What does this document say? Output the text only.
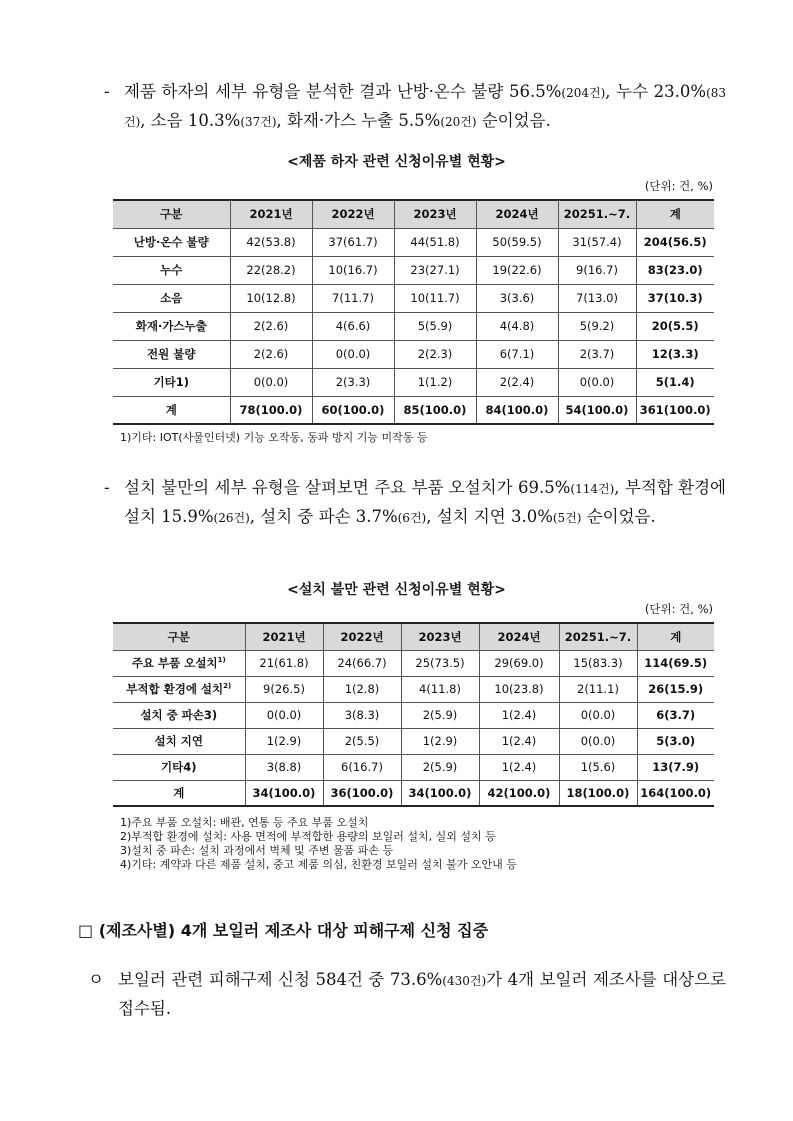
- 제품 하자의 세부 유형을 분석한 결과 난방·온수 불량 56.5%(204건), 누수 23.0%(83건), 소음 10.3%(37건), 화재·가스 누출 5.5%(20건) 순이었음.
<제품 하자 관련 신청이유별 현황>
(단위: 건, %)
구분	2021년	2022년	2023년	2024년	20251.~7.	계
난방·온수 불량	42(53.8)	37(61.7)	44(51.8)	50(59.5)	31(57.4)	204(56.5)
누수	22(28.2)	10(16.7)	23(27.1)	19(22.6)	9(16.7)	83(23.0)
소음	10(12.8)	7(11.7)	10(11.7)	3(3.6)	7(13.0)	37(10.3)
화재·가스누출	2(2.6)	4(6.6)	5(5.9)	4(4.8)	5(9.2)	20(5.5)
전원 불량	2(2.6)	0(0.0)	2(2.3)	6(7.1)	2(3.7)	12(3.3)
기타1)	0(0.0)	2(3.3)	1(1.2)	2(2.4)	0(0.0)	5(1.4)
계	78(100.0)	60(100.0)	85(100.0)	84(100.0)	54(100.0)	361(100.0)
1)기타: IOT(사물인터넷) 기능 오작동, 동파 방지 기능 미작동 등
- 설치 불만의 세부 유형을 살펴보면 주요 부품 오설치가 69.5%(114건), 부적합 환경에 설치 15.9%(26건), 설치 중 파손 3.7%(6건), 설치 지연 3.0%(5건) 순이었음.
<설치 불만 관련 신청이유별 현황>
(단위: 건, %)
구분	2021년	2022년	2023년	2024년	20251.~7.	계
주요 부품 오설치$^{1)}$	21(61.8)	24(66.7)	25(73.5)	29(69.0)	15(83.3)	114(69.5)
부적합 환경에 설치$^{2)}$	9(26.5)	1(2.8)	4(11.8)	10(23.8)	2(11.1)	26(15.9)
설치 중 파손3)	0(0.0)	3(8.3)	2(5.9)	1(2.4)	0(0.0)	6(3.7)
설치 지연	1(2.9)	2(5.5)	1(2.9)	1(2.4)	0(0.0)	5(3.0)
기타4)	3(8.8)	6(16.7)	2(5.9)	1(2.4)	1(5.6)	13(7.9)
계	34(100.0)	36(100.0)	34(100.0)	42(100.0)	18(100.0)	164(100.0)
1)주요 부품 오설치: 배관, 연통 등 주요 부품 오설치
2)부적합 환경에 설치: 사용 면적에 부적합한 용량의 보일러 설치, 실외 설치 등
3)설치 중 파손: 설치 과정에서 벽체 및 주변 물품 파손 등
4)기타: 계약과 다른 제품 설치, 중고 제품 의심, 친환경 보일러 설치 불가 오안내 등
□ (제조사별) 4개 보일러 제조사 대상 피해구제 신청 집중
ㅇ 보일러 관련 피해구제 신청 584건 중 73.6%(430건)가 4개 보일러 제조사를 대상으로 접수됨.
